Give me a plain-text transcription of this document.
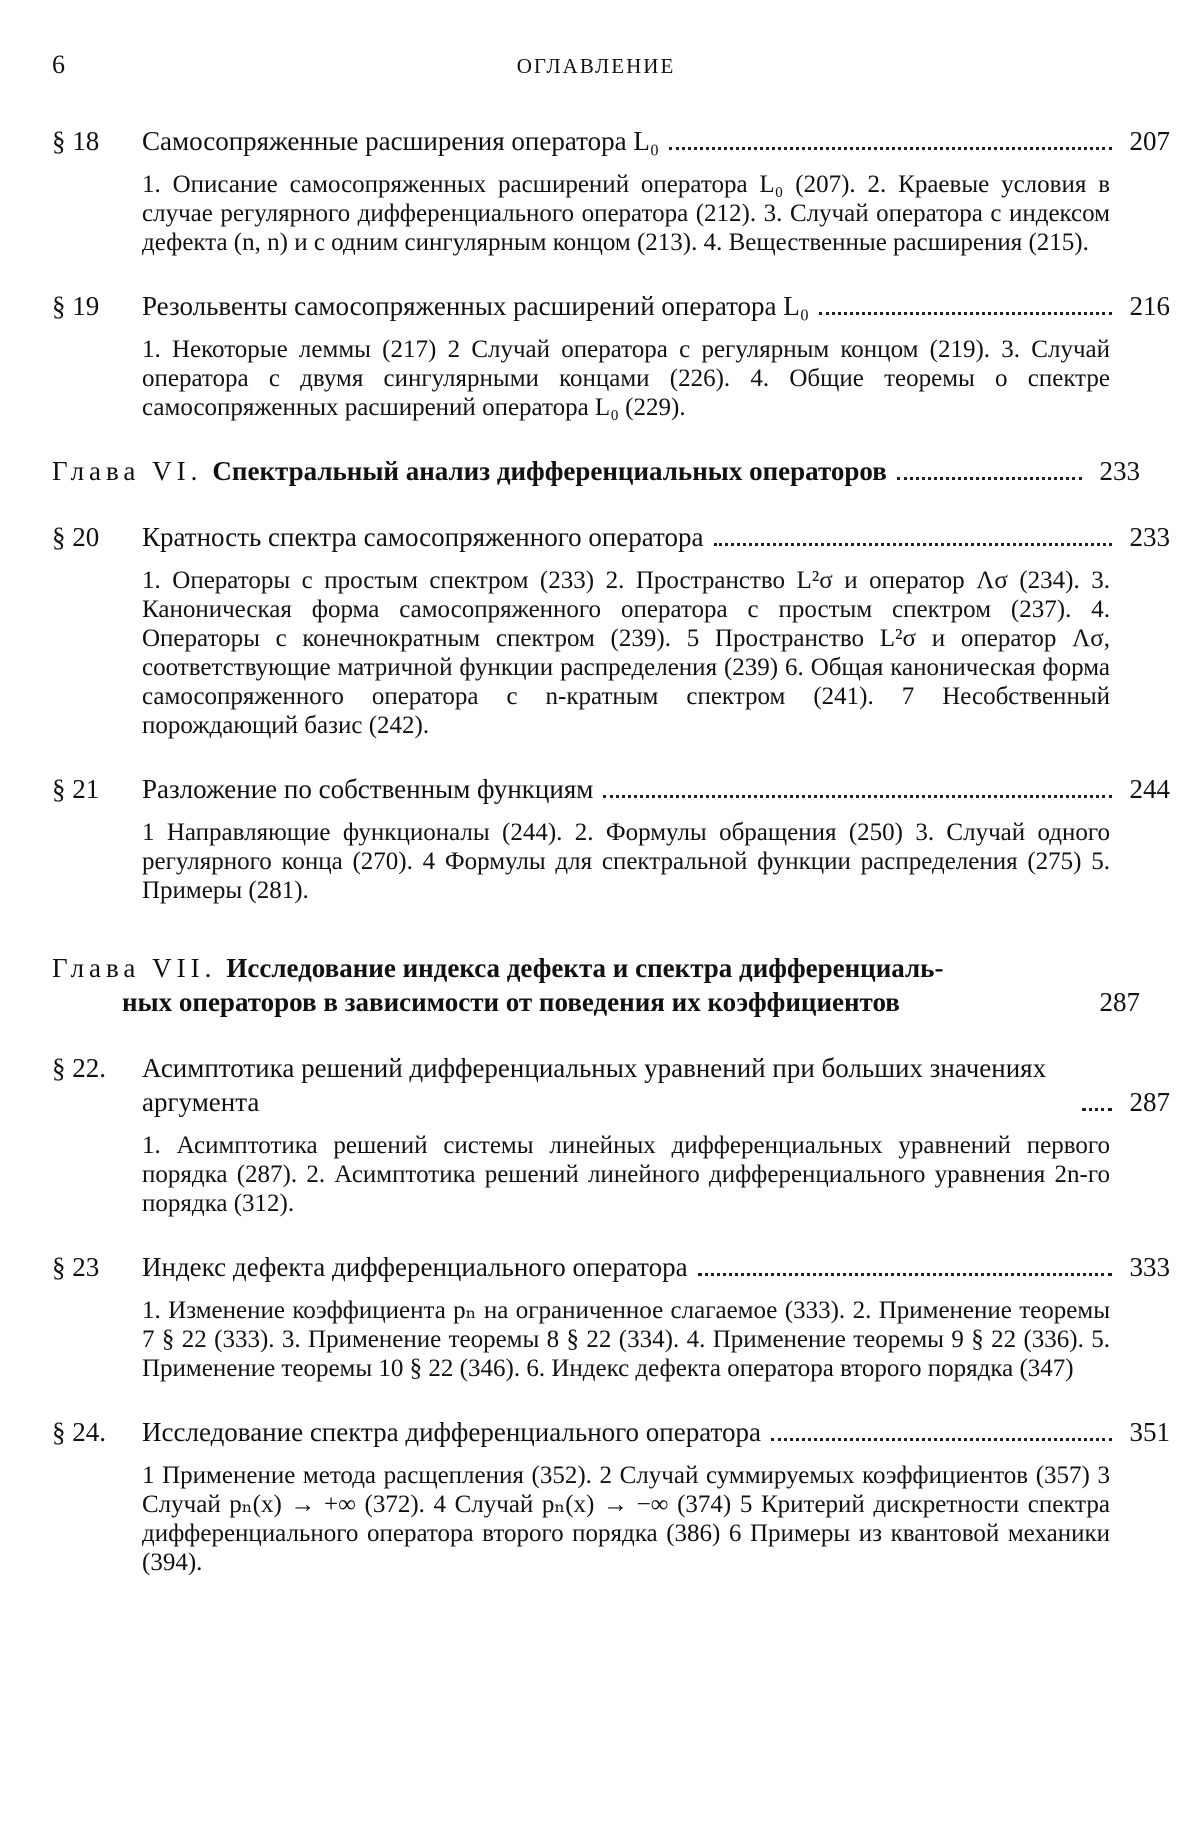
6	ОГЛАВЛЕНИЕ
§ 18	Самосопряженные расширения оператора L₀	207
1. Описание самосопряженных расширений оператора L₀ (207). 2. Краевые условия в случае регулярного дифференциального оператора (212). 3. Случай оператора с индексом дефекта (n, n) и с одним сингулярным концом (213). 4. Вещественные расширения (215).
§ 19	Резольвенты самосопряженных расширений оператора L₀	216
1. Некоторые леммы (217) 2 Случай оператора с регулярным концом (219). 3. Случай оператора с двумя сингулярными концами (226). 4. Общие теоремы о спектре самосопряженных расширений оператора L₀ (229).
Глава VI. Спектральный анализ дифференциальных операторов	233
§ 20	Кратность спектра самосопряженного оператора	233
1. Операторы с простым спектром (233) 2. Пространство L²σ и оператор Λσ (234). 3. Каноническая форма самосопряженного оператора с простым спектром (237). 4. Операторы с конечнократным спектром (239). 5 Пространство L²σ и оператор Λσ, соответствующие матричной функции распределения (239) 6. Общая каноническая форма самосопряженного оператора с n-кратным спектром (241). 7 Несобственный порождающий базис (242).
§ 21	Разложение по собственным функциям	244
1 Направляющие функционалы (244). 2. Формулы обращения (250) 3. Случай одного регулярного конца (270). 4 Формулы для спектральной функции распределения (275) 5. Примеры (281).
Глава VII. Исследование индекса дефекта и спектра дифференциаль-
ных операторов в зависимости от поведения их коэффициентов	287
§ 22.	Асимптотика решений дифференциальных уравнений при больших значениях аргумента	287
1. Асимптотика решений системы линейных дифференциальных уравнений первого порядка (287). 2. Асимптотика решений линейного дифференциального уравнения 2n-го порядка (312).
§ 23	Индекс дефекта дифференциального оператора	333
1. Изменение коэффициента pₙ на ограниченное слагаемое (333). 2. Применение теоремы 7 § 22 (333). 3. Применение теоремы 8 § 22 (334). 4. Применение теоремы 9 § 22 (336). 5. Применение теоремы 10 § 22 (346). 6. Индекс дефекта оператора второго порядка (347)
§ 24.	Исследование спектра дифференциального оператора	351
1 Применение метода расщепления (352). 2 Случай суммируемых коэффициентов (357) 3 Случай pₙ(x) → +∞ (372). 4 Случай pₙ(x) → −∞ (374) 5 Критерий дискретности спектра дифференциального оператора второго порядка (386) 6 Примеры из квантовой механики (394).
